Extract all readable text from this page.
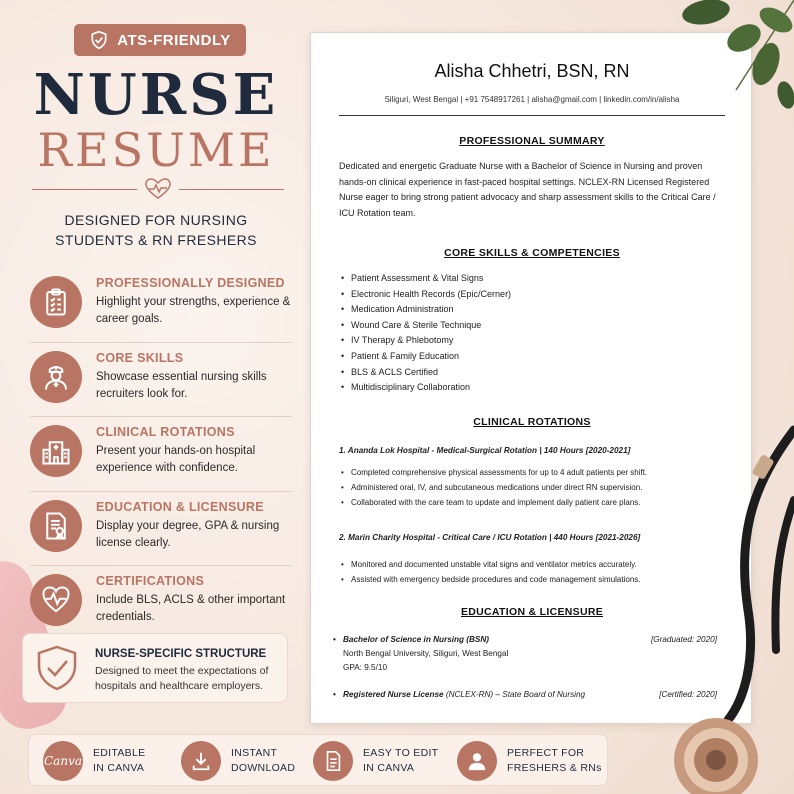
ATS-FRIENDLY
NURSE
RESUME
DESIGNED FOR NURSING
STUDENTS & RN FRESHERS
PROFESSIONALLY DESIGNED
Highlight your strengths, experience & career goals.
CORE SKILLS
Showcase essential nursing skills recruiters look for.
CLINICAL ROTATIONS
Present your hands-on hospital experience with confidence.
EDUCATION & LICENSURE
Display your degree, GPA & nursing license clearly.
CERTIFICATIONS
Include BLS, ACLS & other important credentials.
NURSE-SPECIFIC STRUCTURE
Designed to meet the expectations of hospitals and healthcare employers.
Canva
EDITABLE
IN CANVA
INSTANT
DOWNLOAD
EASY TO EDIT
IN CANVA
PERFECT FOR
FRESHERS & RNs
Alisha Chhetri, BSN, RN
Siliguri, West Bengal | +91 7548917261 | alisha@gmail.com | linkedin.com/in/alisha
PROFESSIONAL SUMMARY
Dedicated and energetic Graduate Nurse with a Bachelor of Science in Nursing and proven hands-on clinical experience in fast-paced hospital settings. NCLEX-RN Licensed Registered Nurse eager to bring strong patient advocacy and sharp assessment skills to the Critical Care / ICU Rotation team.
CORE SKILLS & COMPETENCIES
• Patient Assessment & Vital Signs
• Electronic Health Records (Epic/Cerner)
• Medication Administration
• Wound Care & Sterile Technique
• IV Therapy & Phlebotomy
• Patient & Family Education
• BLS & ACLS Certified
• Multidisciplinary Collaboration
CLINICAL ROTATIONS
1. Ananda Lok Hospital - Medical-Surgical Rotation | 140 Hours [2020-2021]
• Completed comprehensive physical assessments for up to 4 adult patients per shift.
• Administered oral, IV, and subcutaneous medications under direct RN supervision.
• Collaborated with the care team to update and implement daily patient care plans.
2. Marin Charity Hospital - Critical Care / ICU Rotation | 440 Hours [2021-2026]
• Monitored and documented unstable vital signs and ventilator metrics accurately.
• Assisted with emergency bedside procedures and code management simulations.
EDUCATION & LICENSURE
• Bachelor of Science in Nursing (BSN)	[Graduated: 2020]
North Bengal University, Siliguri, West Bengal
GPA: 9.5/10
• Registered Nurse License (NCLEX-RN) – State Board of Nursing	[Certified: 2020]
